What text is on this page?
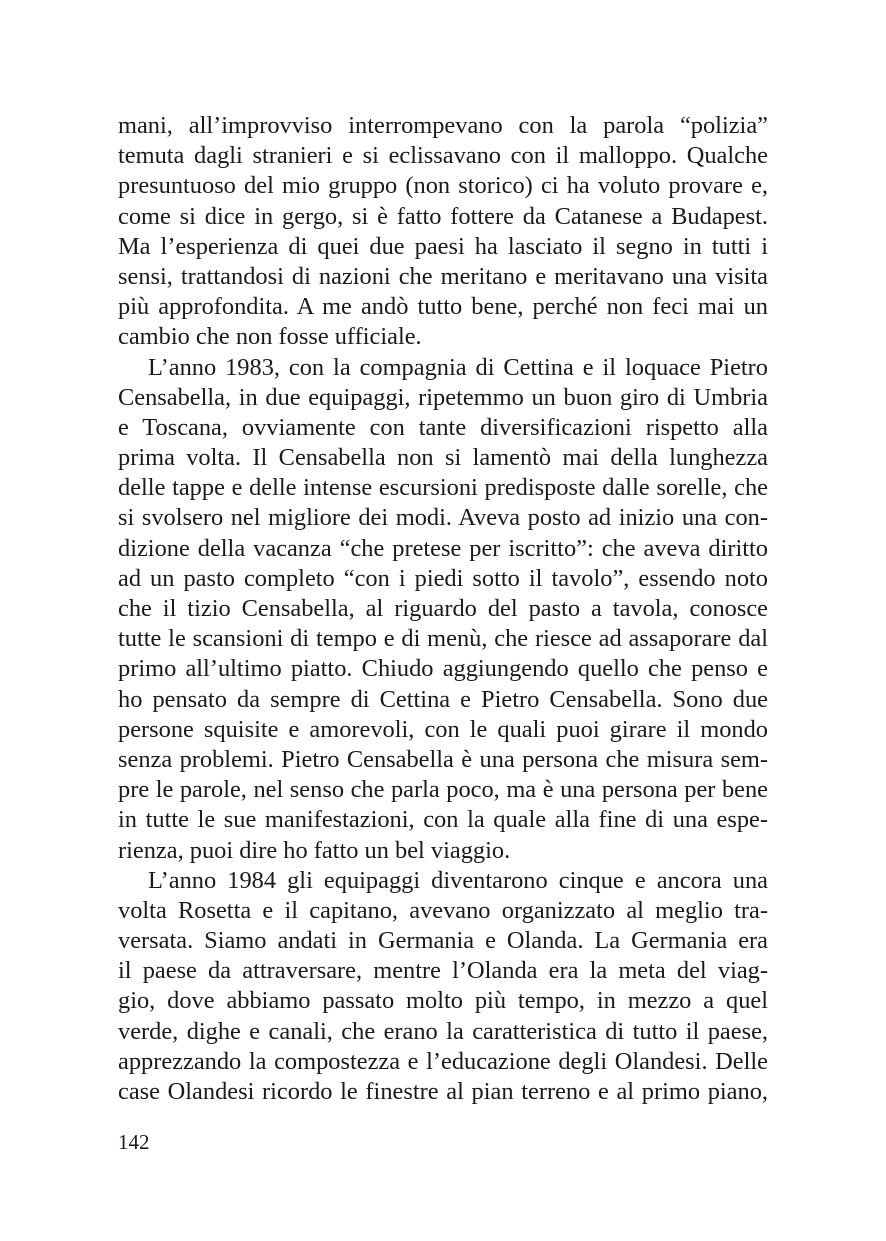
mani, all’improvviso interrompevano con la parola “polizia”
temuta dagli stranieri e si eclissavano con il malloppo. Qualche
presuntuoso del mio gruppo (non storico) ci ha voluto provare e,
come si dice in gergo, si è fatto fottere da Catanese a Budapest.
Ma l’esperienza di quei due paesi ha lasciato il segno in tutti i
sensi, trattandosi di nazioni che meritano e meritavano una visita
più approfondita. A me andò tutto bene, perché non feci mai un
cambio che non fosse ufficiale.
L’anno 1983, con la compagnia di Cettina e il loquace Pietro
Censabella, in due equipaggi, ripetemmo un buon giro di Umbria
e Toscana, ovviamente con tante diversificazioni rispetto alla
prima volta. Il Censabella non si lamentò mai della lunghezza
delle tappe e delle intense escursioni predisposte dalle sorelle, che
si svolsero nel migliore dei modi. Aveva posto ad inizio una con-
dizione della vacanza “che pretese per iscritto”: che aveva diritto
ad un pasto completo “con i piedi sotto il tavolo”, essendo noto
che il tizio Censabella, al riguardo del pasto a tavola, conosce
tutte le scansioni di tempo e di menù, che riesce ad assaporare dal
primo all’ultimo piatto. Chiudo aggiungendo quello che penso e
ho pensato da sempre di Cettina e Pietro Censabella. Sono due
persone squisite e amorevoli, con le quali puoi girare il mondo
senza problemi. Pietro Censabella è una persona che misura sem-
pre le parole, nel senso che parla poco, ma è una persona per bene
in tutte le sue manifestazioni, con la quale alla fine di una espe-
rienza, puoi dire ho fatto un bel viaggio.
L’anno 1984 gli equipaggi diventarono cinque e ancora una
volta Rosetta e il capitano, avevano organizzato al meglio tra-
versata. Siamo andati in Germania e Olanda. La Germania era
il paese da attraversare, mentre l’Olanda era la meta del viag-
gio, dove abbiamo passato molto più tempo, in mezzo a quel
verde, dighe e canali, che erano la caratteristica di tutto il paese,
apprezzando la compostezza e l’educazione degli Olandesi. Delle
case Olandesi ricordo le finestre al pian terreno e al primo piano,
142
